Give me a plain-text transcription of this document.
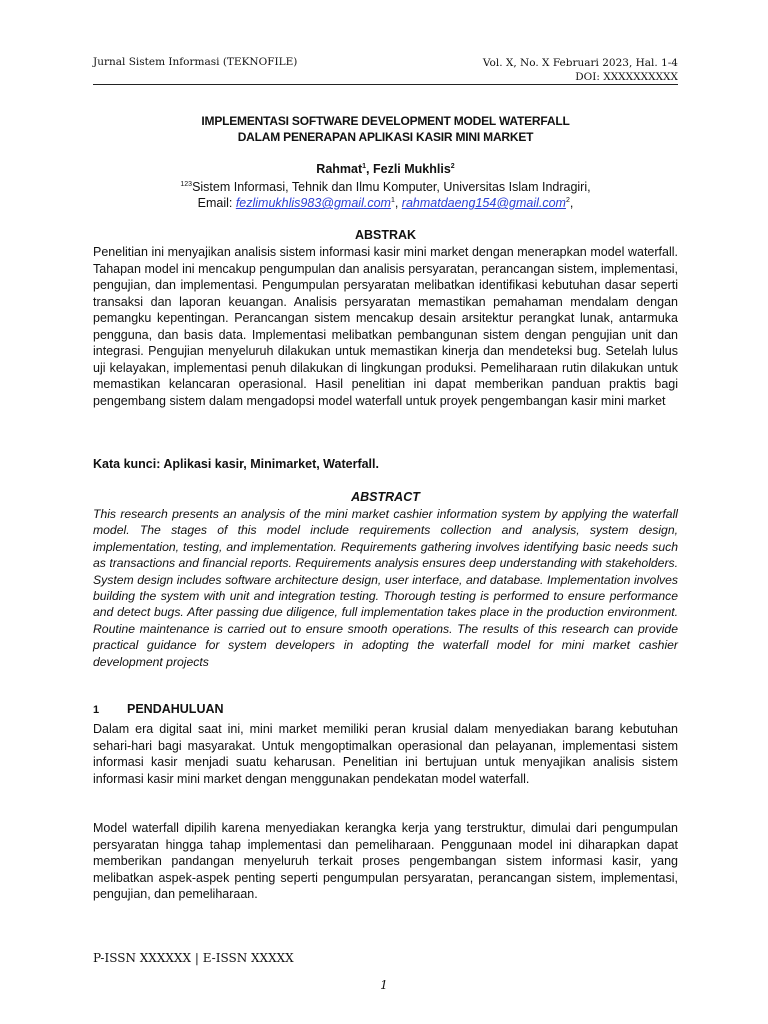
Jurnal Sistem Informasi (TEKNOFILE)	Vol. X, No. X Februari 2023, Hal. 1-4
DOI: XXXXXXXXXX
IMPLEMENTASI SOFTWARE DEVELOPMENT MODEL WATERFALL
DALAM PENERAPAN APLIKASI KASIR MINI MARKET
Rahmat$^1$, Fezli Mukhlis$^2$
$^{123}$Sistem Informasi, Tehnik dan Ilmu Komputer, Universitas Islam Indragiri,
Email: fezlimukhlis983@gmail.com$^1$, rahmatdaeng154@gmail.com$^2$,
ABSTRAK
Penelitian ini menyajikan analisis sistem informasi kasir mini market dengan menerapkan model waterfall. Tahapan model ini mencakup pengumpulan dan analisis persyaratan, perancangan sistem, implementasi, pengujian, dan implementasi. Pengumpulan persyaratan melibatkan identifikasi kebutuhan dasar seperti transaksi dan laporan keuangan. Analisis persyaratan memastikan pemahaman mendalam dengan pemangku kepentingan. Perancangan sistem mencakup desain arsitektur perangkat lunak, antarmuka pengguna, dan basis data. Implementasi melibatkan pembangunan sistem dengan pengujian unit dan integrasi. Pengujian menyeluruh dilakukan untuk memastikan kinerja dan mendeteksi bug. Setelah lulus uji kelayakan, implementasi penuh dilakukan di lingkungan produksi. Pemeliharaan rutin dilakukan untuk memastikan kelancaran operasional. Hasil penelitian ini dapat memberikan panduan praktis bagi pengembang sistem dalam mengadopsi model waterfall untuk proyek pengembangan kasir mini market
Kata kunci: Aplikasi kasir, Minimarket, Waterfall.
ABSTRACT
This research presents an analysis of the mini market cashier information system by applying the waterfall model. The stages of this model include requirements collection and analysis, system design, implementation, testing, and implementation. Requirements gathering involves identifying basic needs such as transactions and financial reports. Requirements analysis ensures deep understanding with stakeholders. System design includes software architecture design, user interface, and database. Implementation involves building the system with unit and integration testing. Thorough testing is performed to ensure performance and detect bugs. After passing due diligence, full implementation takes place in the production environment. Routine maintenance is carried out to ensure smooth operations. The results of this research can provide practical guidance for system developers in adopting the waterfall model for mini market cashier development projects
1 PENDAHULUAN
Dalam era digital saat ini, mini market memiliki peran krusial dalam menyediakan barang kebutuhan sehari-hari bagi masyarakat. Untuk mengoptimalkan operasional dan pelayanan, implementasi sistem informasi kasir menjadi suatu keharusan. Penelitian ini bertujuan untuk menyajikan analisis sistem informasi kasir mini market dengan menggunakan pendekatan model waterfall.
Model waterfall dipilih karena menyediakan kerangka kerja yang terstruktur, dimulai dari pengumpulan persyaratan hingga tahap implementasi dan pemeliharaan. Penggunaan model ini diharapkan dapat memberikan pandangan menyeluruh terkait proses pengembangan sistem informasi kasir, yang melibatkan aspek-aspek penting seperti pengumpulan persyaratan, perancangan sistem, implementasi, pengujian, dan pemeliharaan.
P-ISSN XXXXXX | E-ISSN XXXXX
1
